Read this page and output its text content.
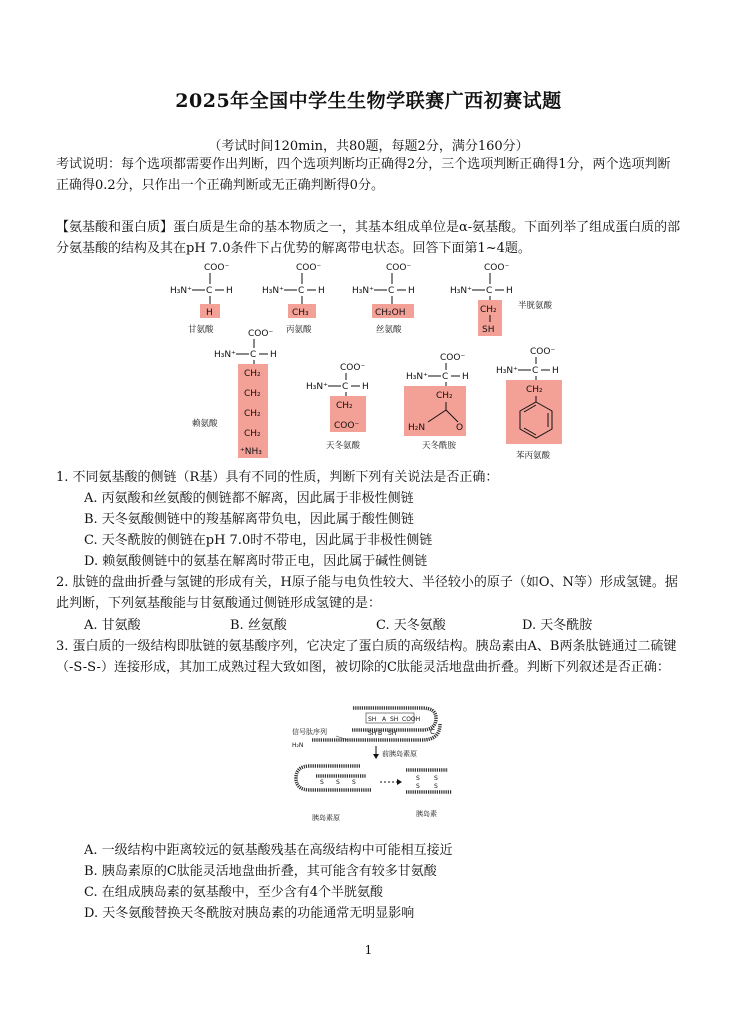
2025年全国中学生生物学联赛广西初赛试题
（考试时间120min，共80题，每题2分，满分160分）
考试说明：每个选项都需要作出判断，四个选项判断均正确得2分，三个选项判断正确得1分，两个选项判断正确得0.2分，只作出一个正确判断或无正确判断得0分。
【氨基酸和蛋白质】蛋白质是生命的基本物质之一，其基本组成单位是α-氨基酸。下面列举了组成蛋白质的部分氨基酸的结构及其在pH 7.0条件下占优势的解离带电状态。回答下面第1~4题。
COO⁻
H₃N⁺ C H
H
甘氨酸
COO⁻
H₃N⁺ C H
CH₃
丙氨酸
COO⁻
H₃N⁺ C H
CH₂OH
丝氨酸
COO⁻
H₃N⁺ C H
CH₂
SH
半胱氨酸
COO⁻
H₃N⁺ C H
CH₂
CH₂
CH₂
CH₂
⁺NH₃
赖氨酸
COO⁻
H₃N⁺ C H
CH₂
COO⁻
天冬氨酸
COO⁻
H₃N⁺ C H
CH₂
H₂N	O
天冬酰胺
COO⁻
H₃N⁺ C H
CH₂
苯丙氨酸
1. 不同氨基酸的侧链（R基）具有不同的性质，判断下列有关说法是否正确：
A. 丙氨酸和丝氨酸的侧链都不解离，因此属于非极性侧链
B. 天冬氨酸侧链中的羧基解离带负电，因此属于酸性侧链
C. 天冬酰胺的侧链在pH 7.0时不带电，因此属于非极性侧链
D. 赖氨酸侧链中的氨基在解离时带正电，因此属于碱性侧链
2. 肽链的盘曲折叠与氢键的形成有关，H原子能与电负性较大、半径较小的原子（如O、N等）形成氢键。据此判断，下列氨基酸能与甘氨酸通过侧链形成氢键的是：
A. 甘氨酸	B. 丝氨酸	C. 天冬氨酸	D. 天冬酰胺
3. 蛋白质的一级结构即肽链的氨基酸序列，它决定了蛋白质的高级结构。胰岛素由A、B两条肽链通过二硫键（-S-S-）连接形成，其加工成熟过程大致如图，被切除的C肽能灵活地盘曲折叠。判断下列叙述是否正确：
SH A SH COOH
SH B SH
信号肽序列
H₂N
C
前胰岛素原
S S S
胰岛素原
S S
S S
胰岛素
A. 一级结构中距离较远的氨基酸残基在高级结构中可能相互接近
B. 胰岛素原的C肽能灵活地盘曲折叠，其可能含有较多甘氨酸
C. 在组成胰岛素的氨基酸中，至少含有4个半胱氨酸
D. 天冬氨酸替换天冬酰胺对胰岛素的功能通常无明显影响
1
